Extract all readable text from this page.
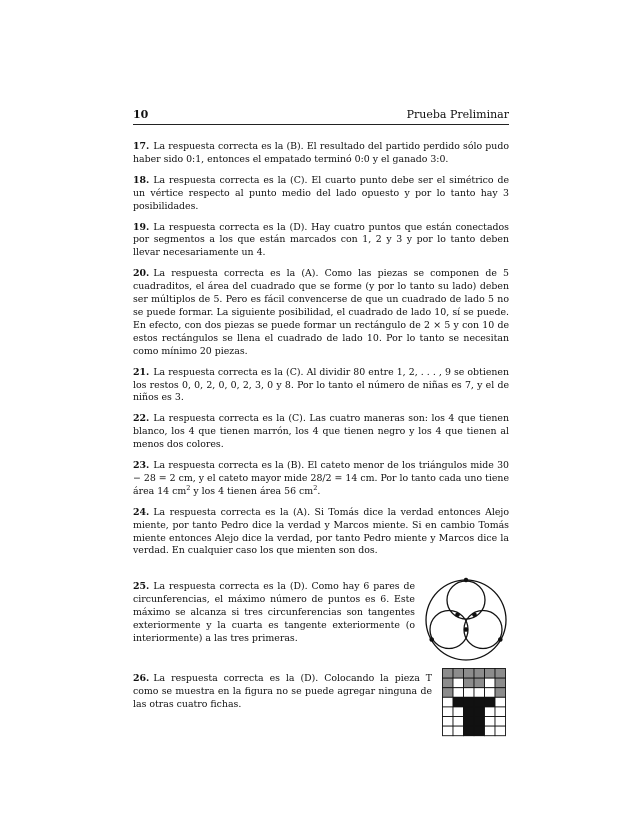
10	Prueba Preliminar

17. La respuesta correcta es la (B). El resultado del partido perdido sólo pudo haber sido 0:1, entonces el empatado terminó 0:0 y el ganado 3:0.

18. La respuesta correcta es la (C). El cuarto punto debe ser el simétrico de un vértice respecto al punto medio del lado opuesto y por lo tanto hay 3 posibilidades.

19. La respuesta correcta es la (D). Hay cuatro puntos que están conectados por segmentos a los que están marcados con 1, 2 y 3 y por lo tanto deben llevar necesariamente un 4.

20. La respuesta correcta es la (A). Como las piezas se componen de 5 cuadraditos, el área del cuadrado que se forme (y por lo tanto su lado) deben ser múltiplos de 5. Pero es fácil convencerse de que un cuadrado de lado 5 no se puede formar. La siguiente posibilidad, el cuadrado de lado 10, sí se puede. En efecto, con dos piezas se puede formar un rectángulo de 2 × 5 y con 10 de estos rectángulos se llena el cuadrado de lado 10. Por lo tanto se necesitan como mínimo 20 piezas.

21. La respuesta correcta es la (C). Al dividir 80 entre 1, 2, . . . , 9 se obtienen los restos 0, 0, 2, 0, 0, 2, 3, 0 y 8. Por lo tanto el número de niñas es 7, y el de niños es 3.

22. La respuesta correcta es la (C). Las cuatro maneras son: los 4 que tienen blanco, los 4 que tienen marrón, los 4 que tienen negro y los 4 que tienen al menos dos colores.

23. La respuesta correcta es la (B). El cateto menor de los triángulos mide 30 − 28 = 2 cm, y el cateto mayor mide 28/2 = 14 cm. Por lo tanto cada uno tiene área 14 $cm^2$ y los 4 tienen área 56 $cm^2$.

24. La respuesta correcta es la (A). Si Tomás dice la verdad entonces Alejo miente, por tanto Pedro dice la verdad y Marcos miente. Si en cambio Tomás miente entonces Alejo dice la verdad, por tanto Pedro miente y Marcos dice la verdad. En cualquier caso los que mienten son dos.

25. La respuesta correcta es la (D). Como hay 6 pares de circunferencias, el máximo número de puntos es 6. Este máximo se alcanza si tres circunferencias son tangentes exteriormente y la cuarta es tangente exteriormente (o interiormente) a las tres primeras.

26. La respuesta correcta es la (D). Colocando la pieza T como se muestra en la figura no se puede agregar ninguna de las otras cuatro fichas.
